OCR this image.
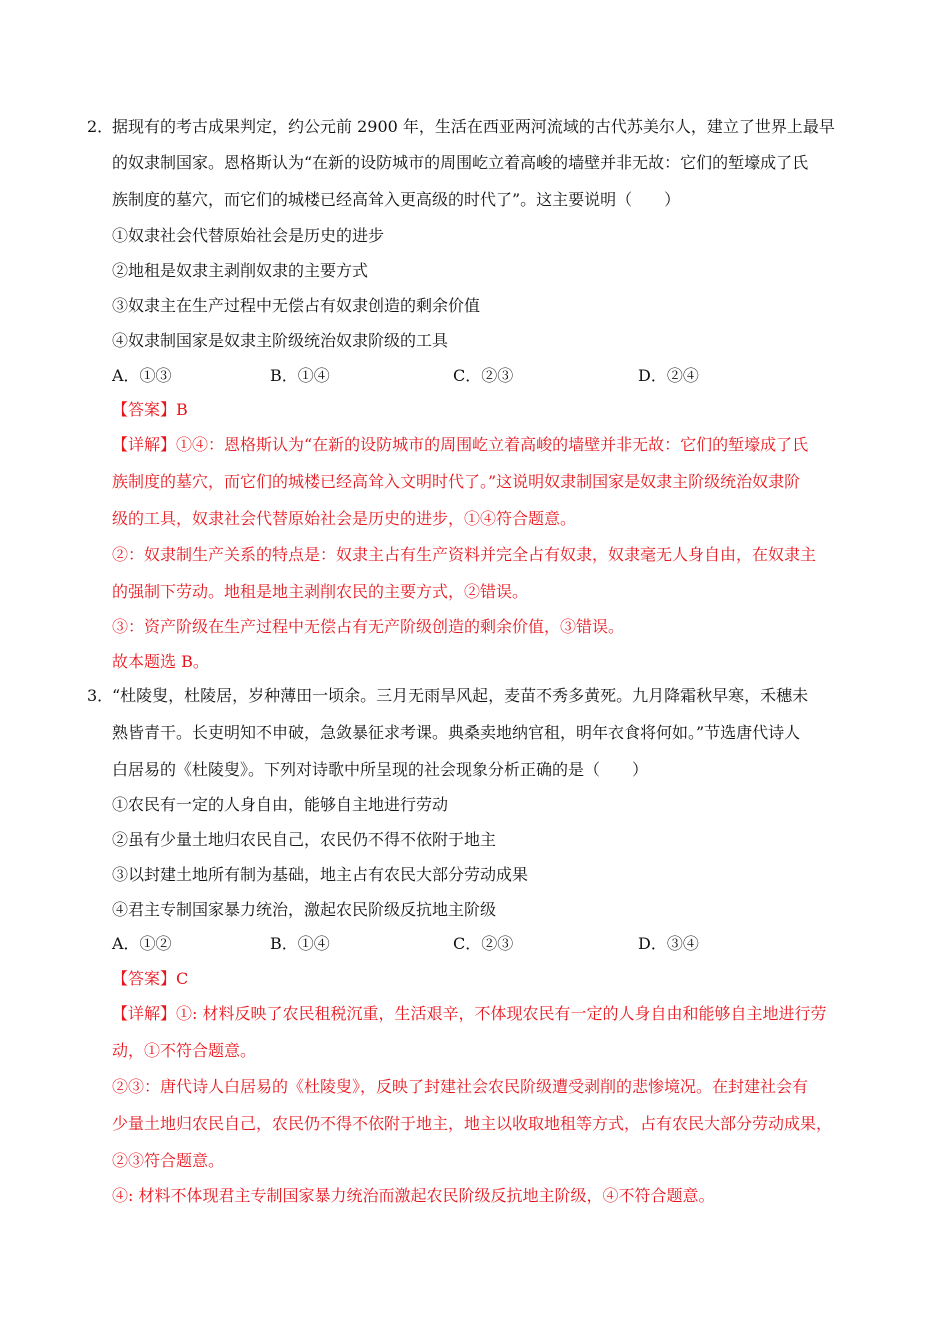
2．
据现有的考古成果判定，约公元前 2900 年，生活在西亚两河流域的古代苏美尔人，建立了世界上最早
的奴隶制国家。恩格斯认为“在新的设防城市的周围屹立着高峻的墙壁并非无故：它们的堑壕成了氏
族制度的墓穴，而它们的城楼已经高耸入更高级的时代了”。这主要说明（　　）
①奴隶社会代替原始社会是历史的进步
②地租是奴隶主剥削奴隶的主要方式
③奴隶主在生产过程中无偿占有奴隶创造的剩余价值
④奴隶制国家是奴隶主阶级统治奴隶阶级的工具
A．①③	B．①④	C．②③	D．②④
【答案】B
【详解】①④：恩格斯认为“在新的设防城市的周围屹立着高峻的墙壁并非无故：它们的堑壕成了氏
族制度的墓穴，而它们的城楼已经高耸入文明时代了。”这说明奴隶制国家是奴隶主阶级统治奴隶阶
级的工具，奴隶社会代替原始社会是历史的进步，①④符合题意。
②：奴隶制生产关系的特点是：奴隶主占有生产资料并完全占有奴隶，奴隶毫无人身自由，在奴隶主
的强制下劳动。地租是地主剥削农民的主要方式，②错误。
③：资产阶级在生产过程中无偿占有无产阶级创造的剩余价值，③错误。
故本题选 B。
3．
“杜陵叟，杜陵居，岁种薄田一顷余。三月无雨旱风起，麦苗不秀多黄死。九月降霜秋早寒，禾穗未
熟皆青干。长吏明知不申破，急敛暴征求考课。典桑卖地纳官租，明年衣食将何如。”节选唐代诗人
白居易的《杜陵叟》。下列对诗歌中所呈现的社会现象分析正确的是（　　）
①农民有一定的人身自由，能够自主地进行劳动
②虽有少量土地归农民自己，农民仍不得不依附于地主
③以封建土地所有制为基础，地主占有农民大部分劳动成果
④君主专制国家暴力统治，激起农民阶级反抗地主阶级
A．①②	B．①④	C．②③	D．③④
【答案】C
【详解】①: 材料反映了农民租税沉重，生活艰辛，不体现农民有一定的人身自由和能够自主地进行劳
动，①不符合题意。
②③：唐代诗人白居易的《杜陵叟》，反映了封建社会农民阶级遭受剥削的悲惨境况。在封建社会有
少量土地归农民自己，农民仍不得不依附于地主，地主以收取地租等方式，占有农民大部分劳动成果，
②③符合题意。
④: 材料不体现君主专制国家暴力统治而激起农民阶级反抗地主阶级，④不符合题意。
